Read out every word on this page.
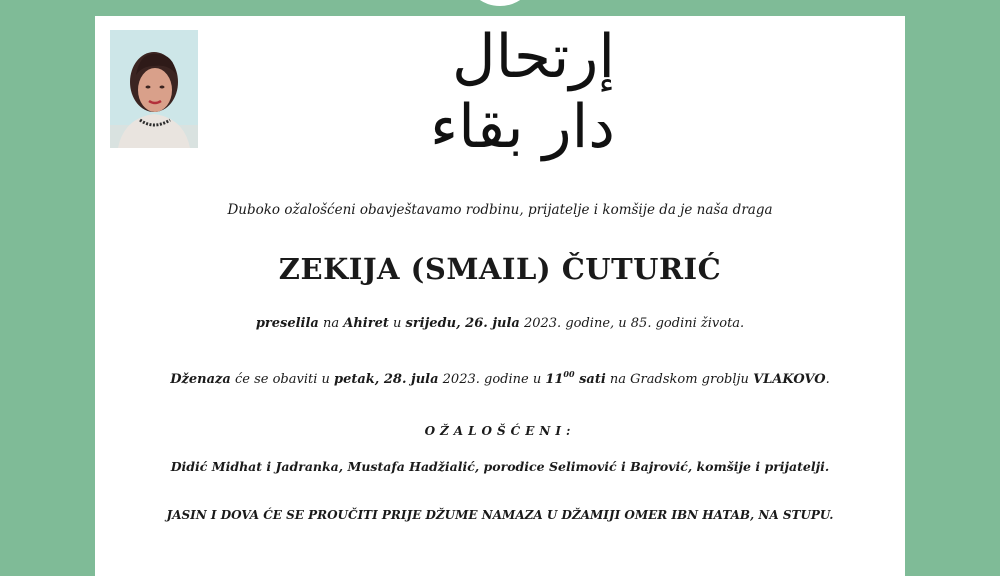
إرتحال دار بقاء
Duboko ožalošćeni obavještavamo rodbinu, prijatelje i komšije da je naša draga
ZEKIJA (SMAIL) ČUTURIĆ
preselila na Ahiret u srijedu, 26. jula 2023. godine, u 85. godini života.
Dženaza će se obaviti u petak, 28. jula 2023. godine u $11^{00}$ sati na Gradskom groblju VLAKOVO.
OŽALOŠĆENI:
Didić Midhat i Jadranka, Mustafa Hadžialić, porodice Selimović i Bajrović, komšije i prijatelji.
JASIN I DOVA ĆE SE PROUČITI PRIJE DŽUME NAMAZA U DŽAMIJI OMER IBN HATAB, NA STUPU.
